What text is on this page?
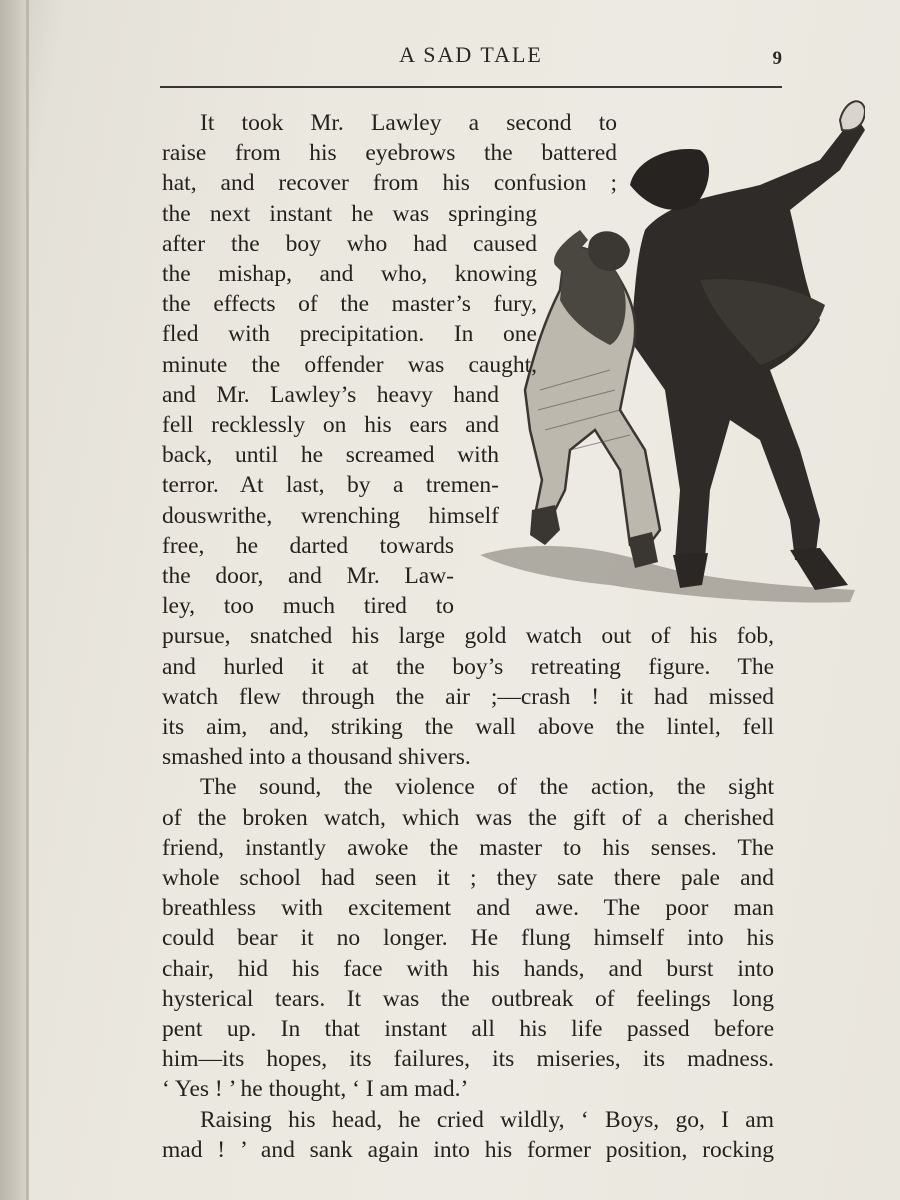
A SAD TALE	9
It took Mr. Lawley a second to
raise from his eyebrows the battered
hat, and recover from his confusion ;
the next instant he was springing
after the boy who had caused
the mishap, and who, knowing
the effects of the master’s fury,
fled with precipitation. In one
minute the offender was caught,
and Mr. Lawley’s heavy hand
fell recklessly on his ears and
back, until he screamed with
terror. At last, by a tremen-
douswrithe, wrenching himself
free, he darted towards
the door, and Mr. Law-
ley, too much tired to
pursue, snatched his large gold watch out of his fob,
and hurled it at the boy’s retreating figure. The
watch flew through the air ;—crash ! it had missed
its aim, and, striking the wall above the lintel, fell
smashed into a thousand shivers.
The sound, the violence of the action, the sight
of the broken watch, which was the gift of a cherished
friend, instantly awoke the master to his senses. The
whole school had seen it ; they sate there pale and
breathless with excitement and awe. The poor man
could bear it no longer. He flung himself into his
chair, hid his face with his hands, and burst into
hysterical tears. It was the outbreak of feelings long
pent up. In that instant all his life passed before
him—its hopes, its failures, its miseries, its madness.
‘ Yes ! ’ he thought, ‘ I am mad.’
Raising his head, he cried wildly, ‘ Boys, go, I am
mad ! ’ and sank again into his former position, rocking
